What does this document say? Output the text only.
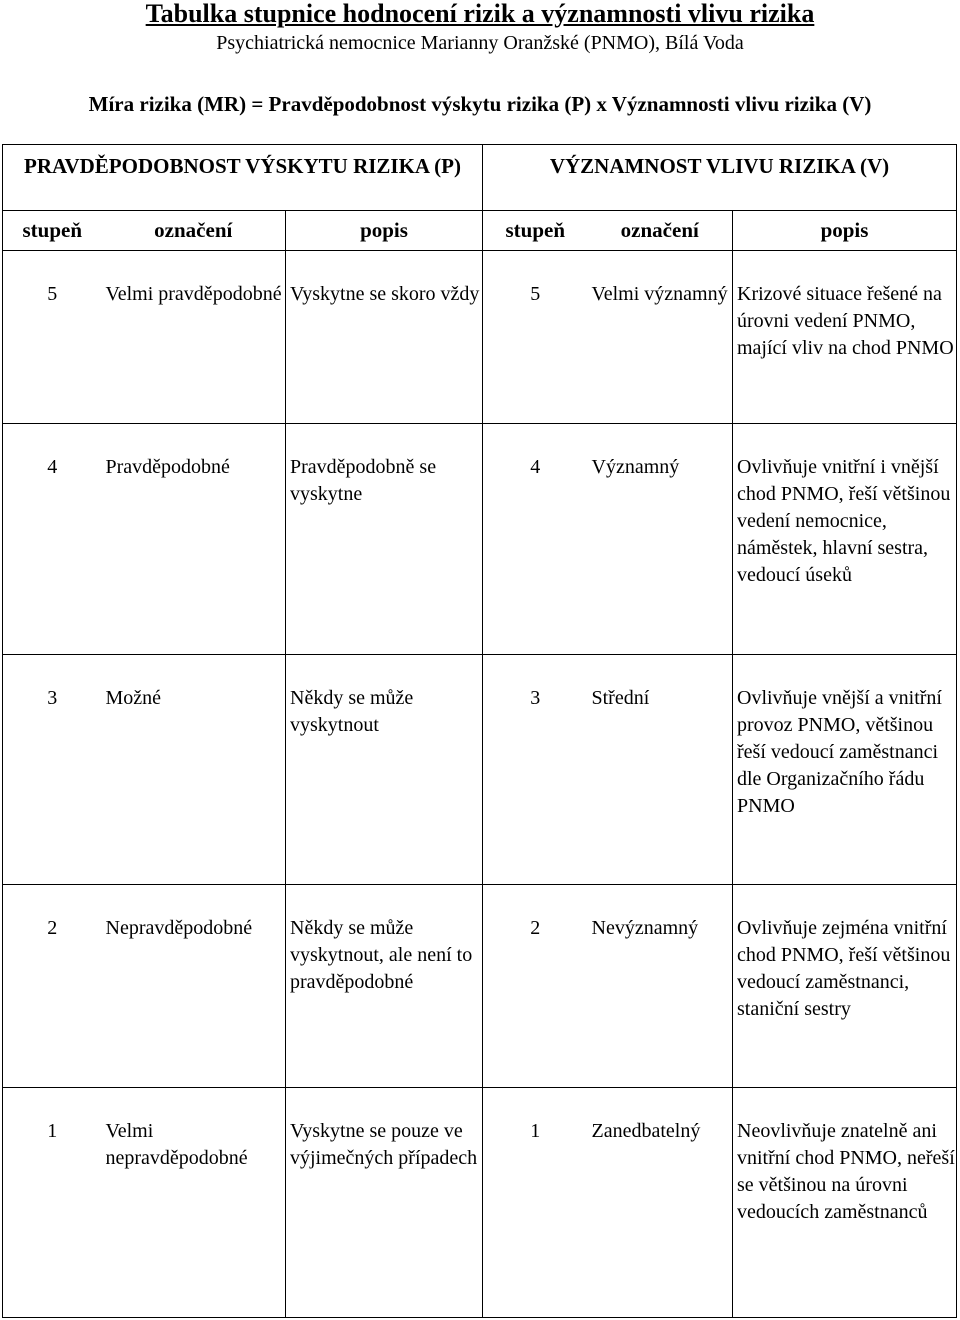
Tabulka stupnice hodnocení rizik a významnosti vlivu rizika
Psychiatrická nemocnice Marianny Oranžské (PNMO), Bílá Voda
Míra rizika (MR) = Pravděpodobnost výskytu rizika (P) x Významnosti vlivu rizika (V)
PRAVDĚPODOBNOST VÝSKYTU RIZIKA (P)			VÝZNAMNOST VLIVU RIZIKA (V)		
stupeň	označení	popis	stupeň	označení	popis
5	Velmi pravděpodobné	Vyskytne se skoro vždy	5	Velmi významný	Krizové situace řešené na úrovni vedení PNMO, mající vliv na chod PNMO
4	Pravděpodobné	Pravděpodobně se vyskytne	4	Významný	Ovlivňuje vnitřní i vnější chod PNMO, řeší většinou vedení nemocnice, náměstek, hlavní sestra, vedoucí úseků
3	Možné	Někdy se může vyskytnout	3	Střední	Ovlivňuje vnější a vnitřní provoz PNMO, většinou řeší vedoucí zaměstnanci dle Organizačního řádu PNMO
2	Nepravděpodobné	Někdy se může vyskytnout, ale není to pravděpodobné	2	Nevýznamný	Ovlivňuje zejména vnitřní chod PNMO, řeší většinou vedoucí zaměstnanci, staniční sestry
1	Velmi nepravděpodobné	Vyskytne se pouze ve výjimečných případech	1	Zanedbatelný	Neovlivňuje znatelně ani vnitřní chod PNMO, neřeší se většinou na úrovni vedoucích zaměstnanců
